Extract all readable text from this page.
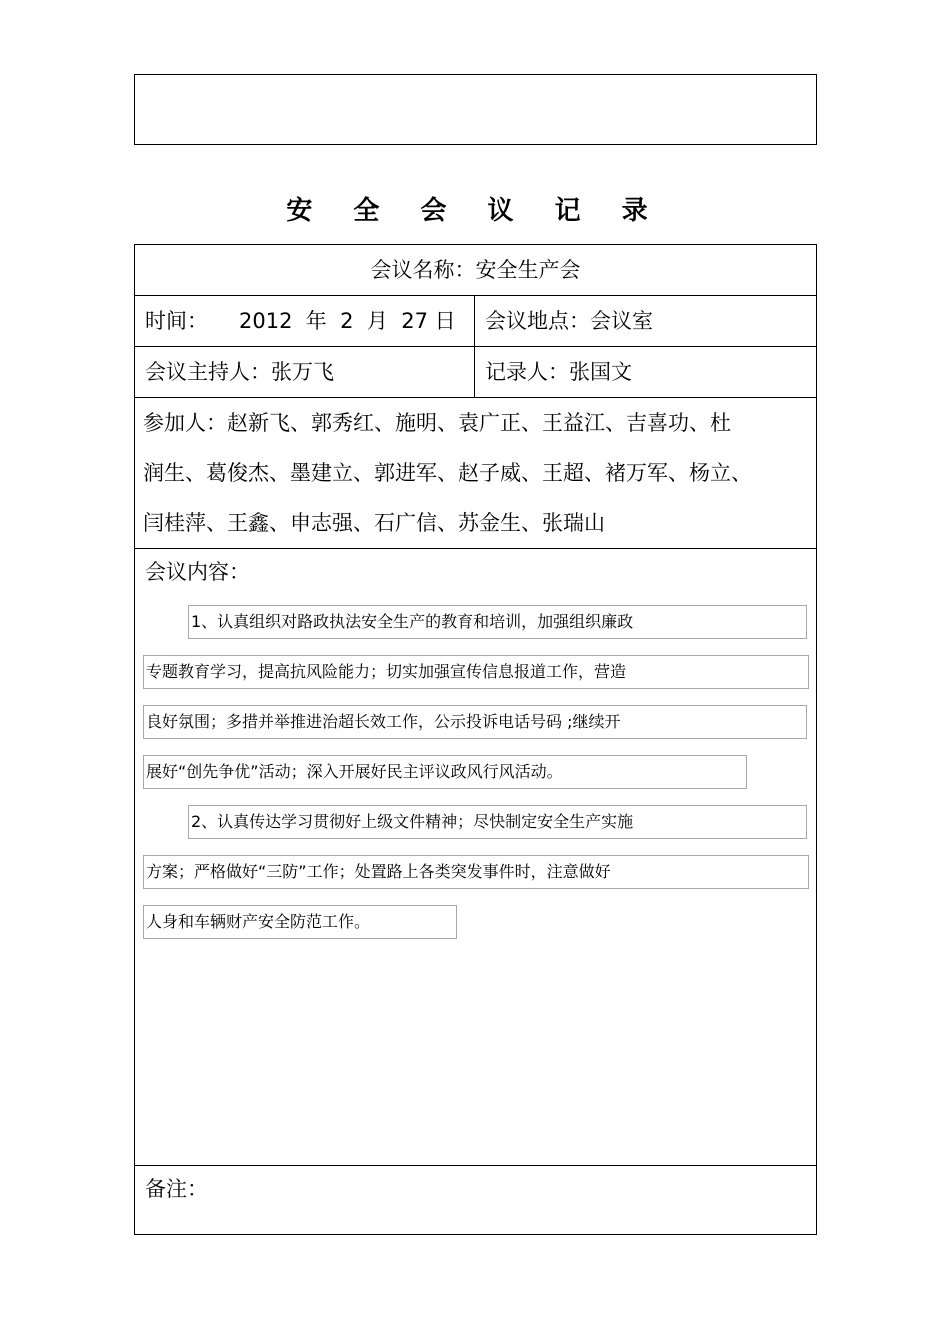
安 全 会 议 记 录
会议名称：安全生产会
时间： 2012  年  2  月  27 日	会议地点：会议室
会议主持人：张万飞	记录人：张国文
参加人：赵新飞、郭秀红、施明、袁广正、王益江、吉喜功、杜
润生、葛俊杰、墨建立、郭进军、赵子威、王超、褚万军、杨立、
闫桂萍、王鑫、申志强、石广信、苏金生、张瑞山
会议内容：
1、认真组织对路政执法安全生产的教育和培训，加强组织廉政
专题教育学习，提高抗风险能力；切实加强宣传信息报道工作，营造
良好氛围；多措并举推进治超长效工作，公示投诉电话号码 ;继续开
展好“创先争优”活动；深入开展好民主评议政风行风活动。
2、认真传达学习贯彻好上级文件精神；尽快制定安全生产实施
方案；严格做好“三防”工作；处置路上各类突发事件时，注意做好
人身和车辆财产安全防范工作。
备注：
